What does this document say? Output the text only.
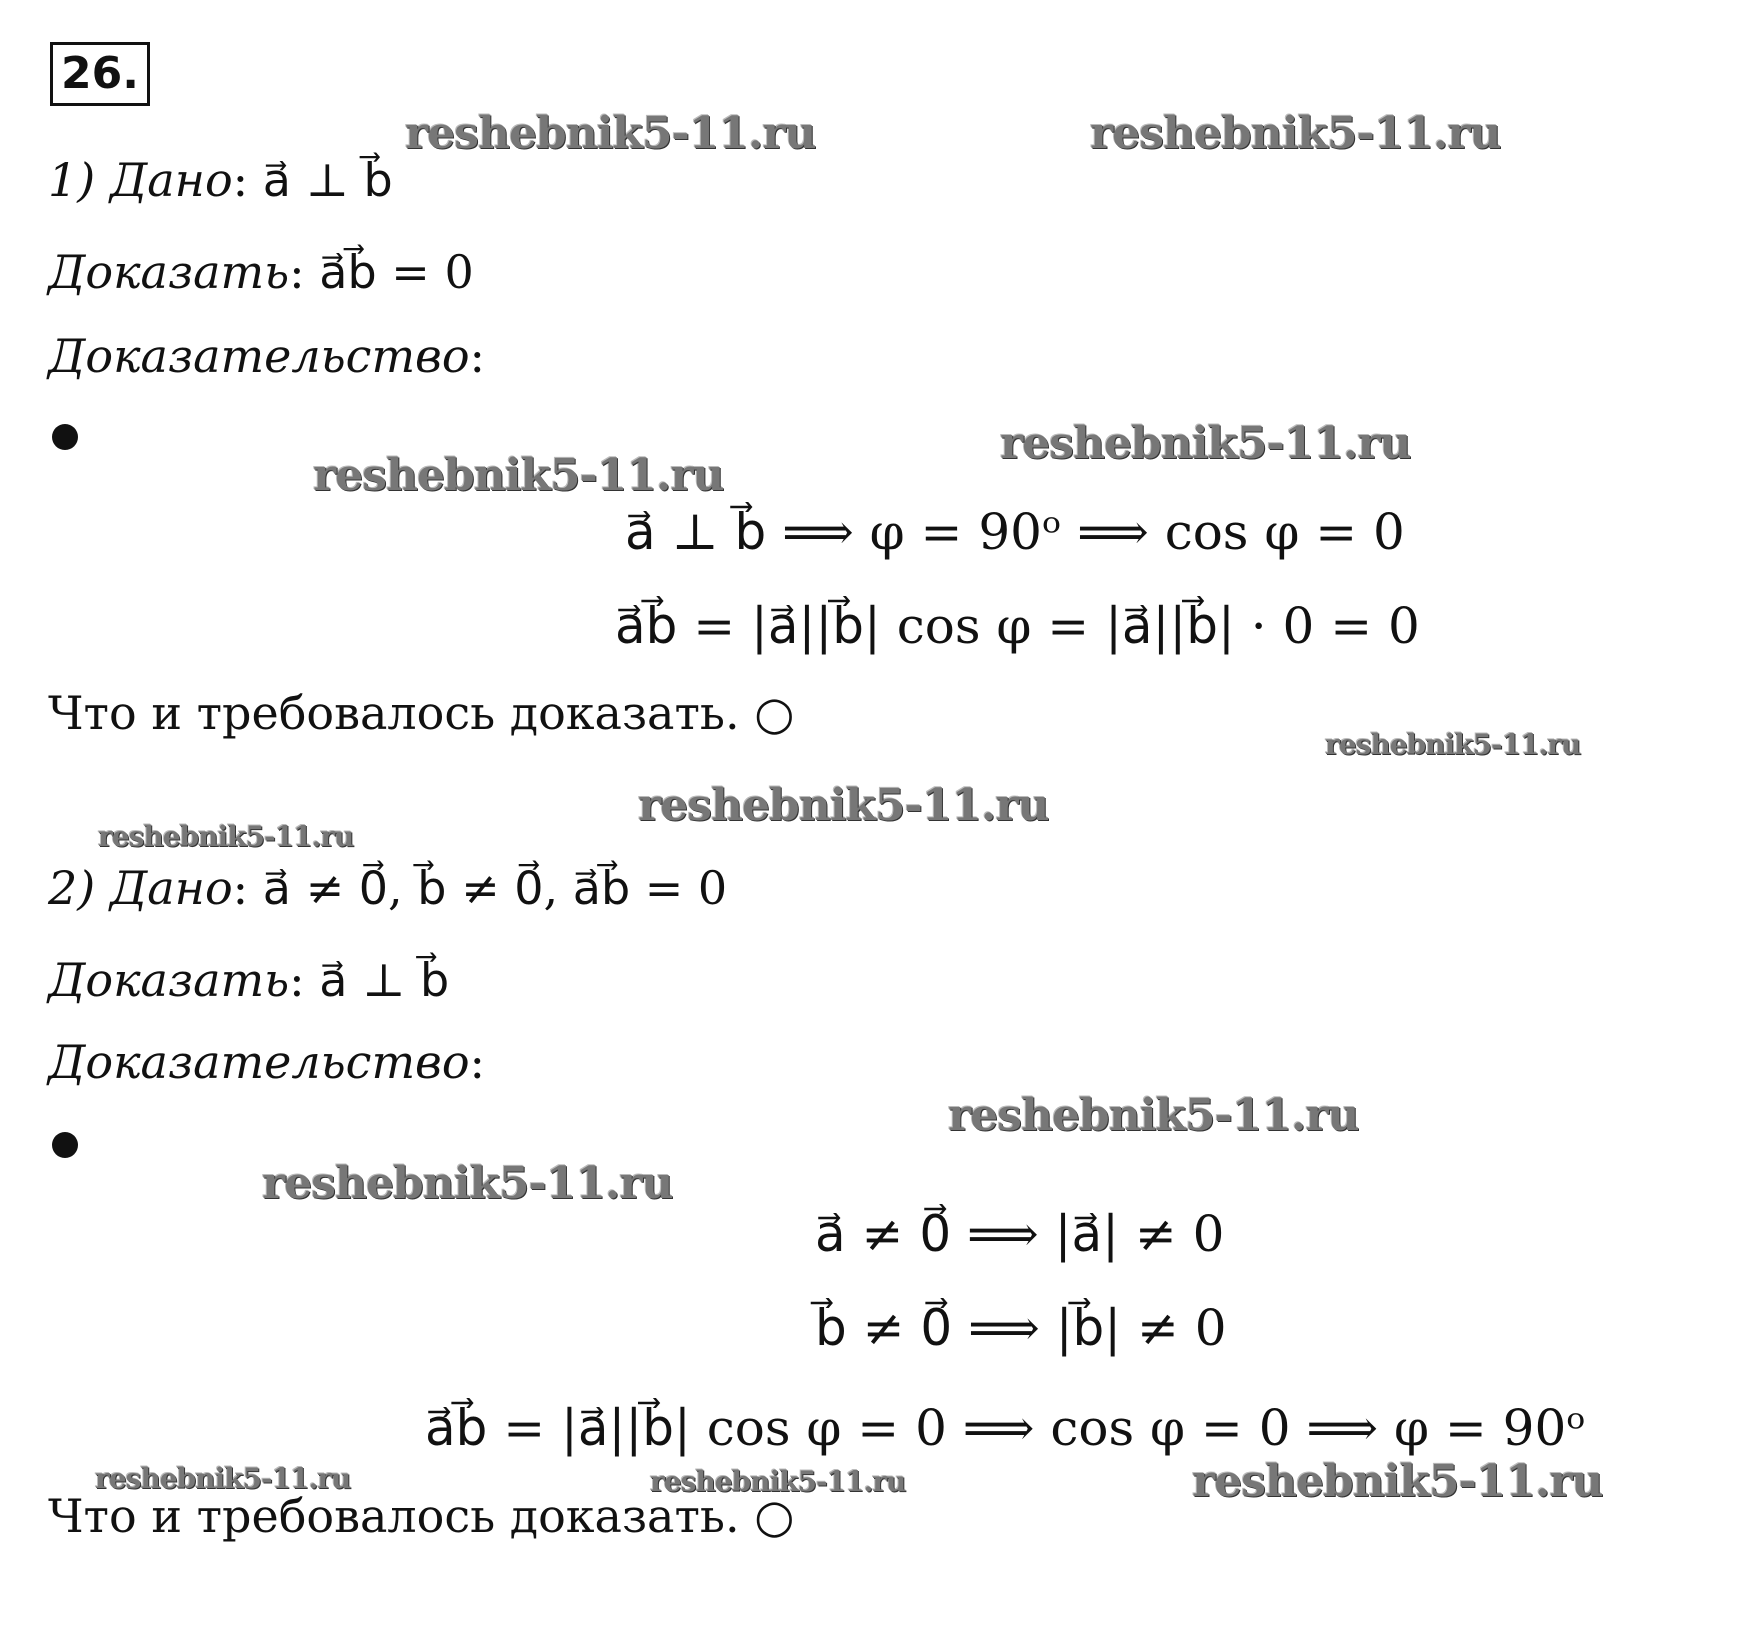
26.
1) Дано: a⃗ ⊥ b⃗
Доказать: a⃗b⃗ = 0
Доказательство:
a⃗ ⊥ b⃗ ⟹ φ = 90ᵒ ⟹ cos φ = 0
a⃗b⃗ = |a⃗||b⃗| cos φ = |a⃗||b⃗| · 0 = 0
Что и требовалось доказать. ○
2) Дано: a⃗ ≠ 0⃗, b⃗ ≠ 0⃗, a⃗b⃗ = 0
Доказать: a⃗ ⊥ b⃗
Доказательство:
a⃗ ≠ 0⃗ ⟹ |a⃗| ≠ 0
b⃗ ≠ 0⃗ ⟹ |b⃗| ≠ 0
a⃗b⃗ = |a⃗||b⃗| cos φ = 0 ⟹ cos φ = 0 ⟹ φ = 90ᵒ
Что и требовалось доказать. ○
reshebnik5-11.ru	reshebnik5-11.ru
reshebnik5-11.ru
reshebnik5-11.ru
reshebnik5-11.ru
reshebnik5-11.ru
reshebnik5-11.ru
reshebnik5-11.ru
reshebnik5-11.ru
reshebnik5-11.ru	reshebnik5-11.ru	reshebnik5-11.ru
